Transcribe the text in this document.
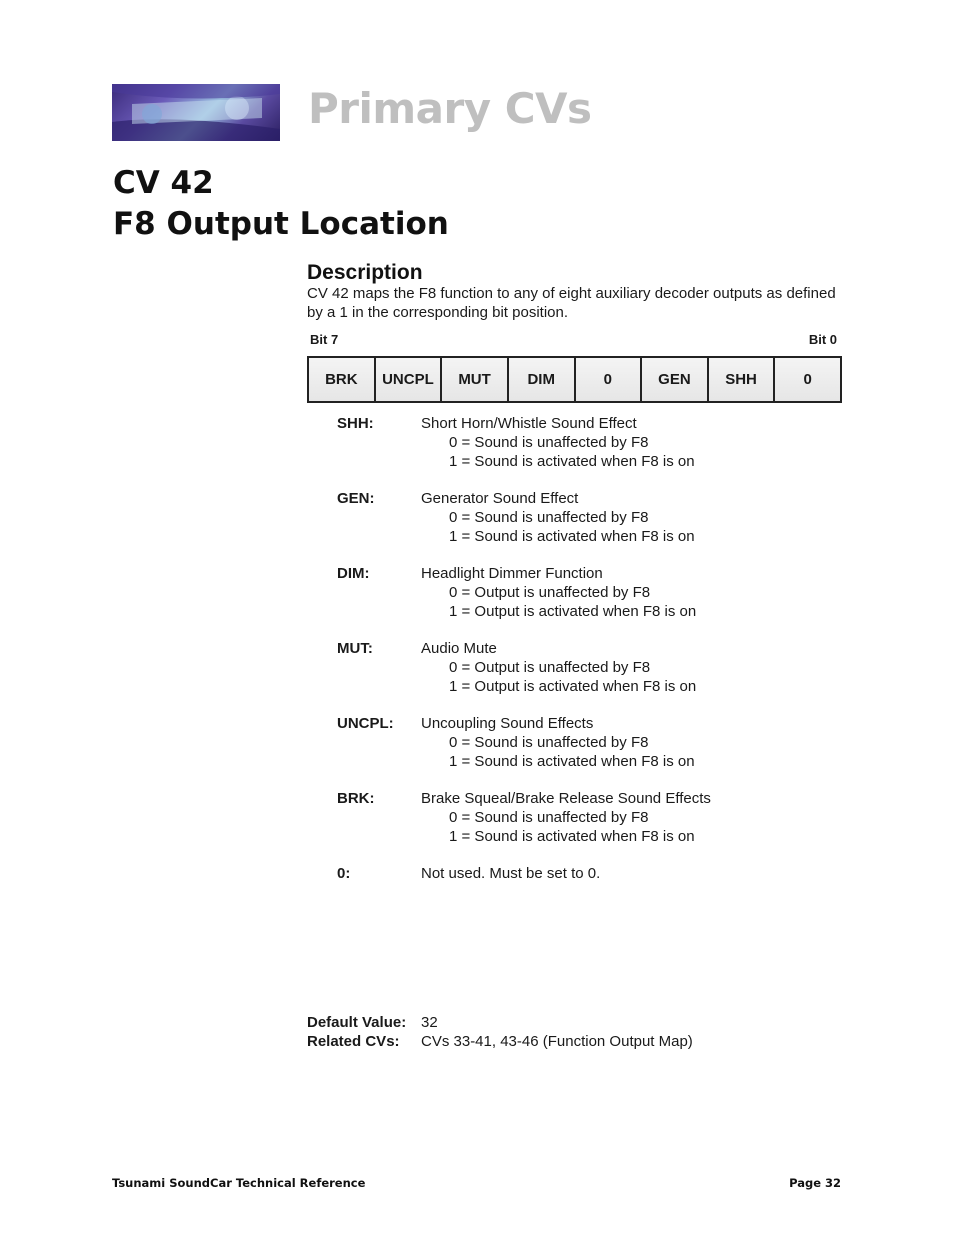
Primary CVs
CV 42
F8 Output Location
Description
CV 42 maps the F8 function to any of eight auxiliary decoder outputs as defined by a 1 in the corresponding bit position.
Bit 7	Bit 0
BRK	UNCPL	MUT	DIM	0	GEN	SHH	0
SHH:	Short Horn/Whistle Sound Effect
0 = Sound is unaffected by F8
1 = Sound is activated when F8 is on
GEN:	Generator Sound Effect
0 = Sound is unaffected by F8
1 = Sound is activated when F8 is on
DIM:	Headlight Dimmer Function
0 = Output is unaffected by F8
1 = Output is activated when F8 is on
MUT:	Audio Mute
0 = Output is unaffected by F8
1 = Output is activated when F8 is on
UNCPL: Uncoupling Sound Effects
0 = Sound is unaffected by F8
1 = Sound is activated when F8 is on
BRK:	Brake Squeal/Brake Release Sound Effects
0 = Sound is unaffected by F8
1 = Sound is activated when F8 is on
0:	Not used. Must be set to 0.
Default Value: 32
Related CVs:	CVs 33-41, 43-46 (Function Output Map)
Tsunami SoundCar Technical Reference	Page 32
